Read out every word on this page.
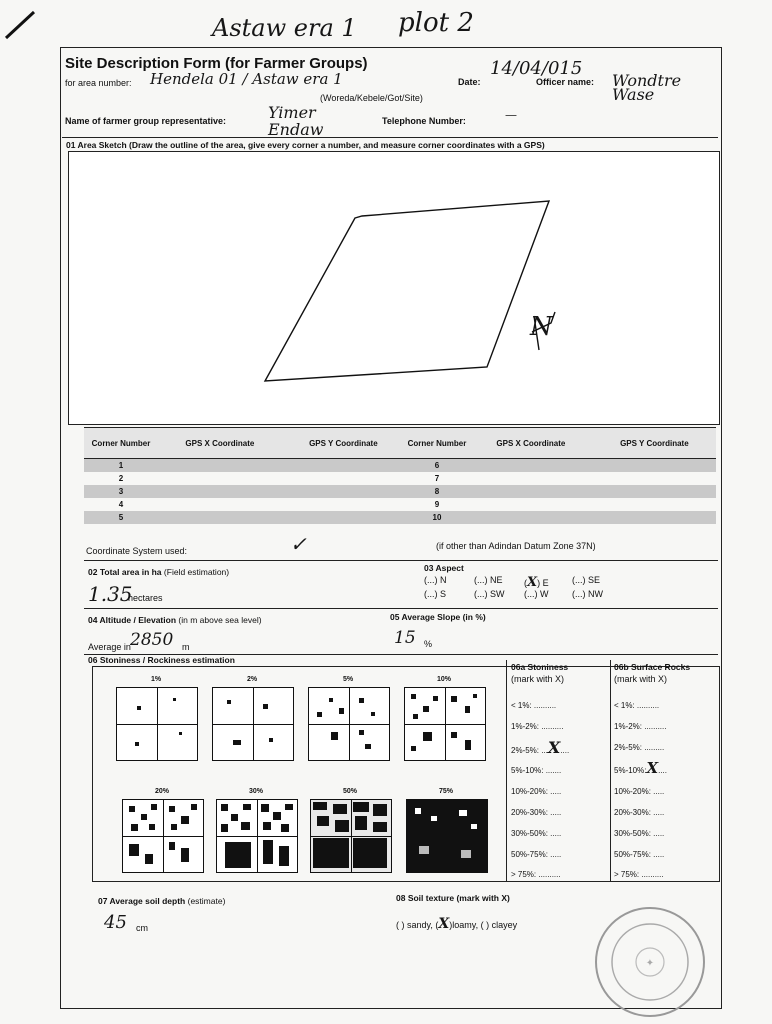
Astaw era 1 plot 2
Site Description Form (for Farmer Groups)
for area number: Hendela 01 / Astaw era 1
(Woreda/Kebele/Got/Site)
Date:
14/04/015
Officer name: Wondtre Wase
Name of farmer group representative:	Yimer Endaw	Telephone Number:	—
01 Area Sketch (Draw the outline of the area, give every corner a number, and measure corner coordinates with a GPS)
N
Corner Number	GPS X Coordinate	GPS Y Coordinate	Corner Number	GPS X Coordinate	GPS Y Coordinate
1			6		
2			7		
3			8		
4			9		
5			10		
Coordinate System used:	✓	(if other than Adindan Datum Zone 37N)
02 Total area in ha (Field estimation)
1.35
hectares
03 Aspect
(...) N	(...) NE (X) E	(...) SE
(...) S	(...) SW (...) W	(...) NW
04 Altitude / Elevation (in m above sea level)
Average in 2850 m
05 Average Slope (in %)
15 %
06 Stoniness / Rockiness estimation
1%	2%	5%	10%
20%	30%	50%	75%
06a Stoniness
(mark with X)
< 1%: ..........
1%-2%: ..........
2%-5%: ...X....
5%-10%: .......
10%-20%: .....
20%-30%: .....
30%-50%: .....
50%-75%: .....
> 75%: ..........
06b Surface Rocks
(mark with X)
< 1%: ..........
1%-2%: ..........
2%-5%: .........
5%-10%:X....
10%-20%: .....
20%-30%: .....
30%-50%: .....
50%-75%: .....
> 75%: ..........
07 Average soil depth (estimate)
45 cm
08 Soil texture (mark with X)
( ) sandy, (X)loamy, ( ) clayey
✦
